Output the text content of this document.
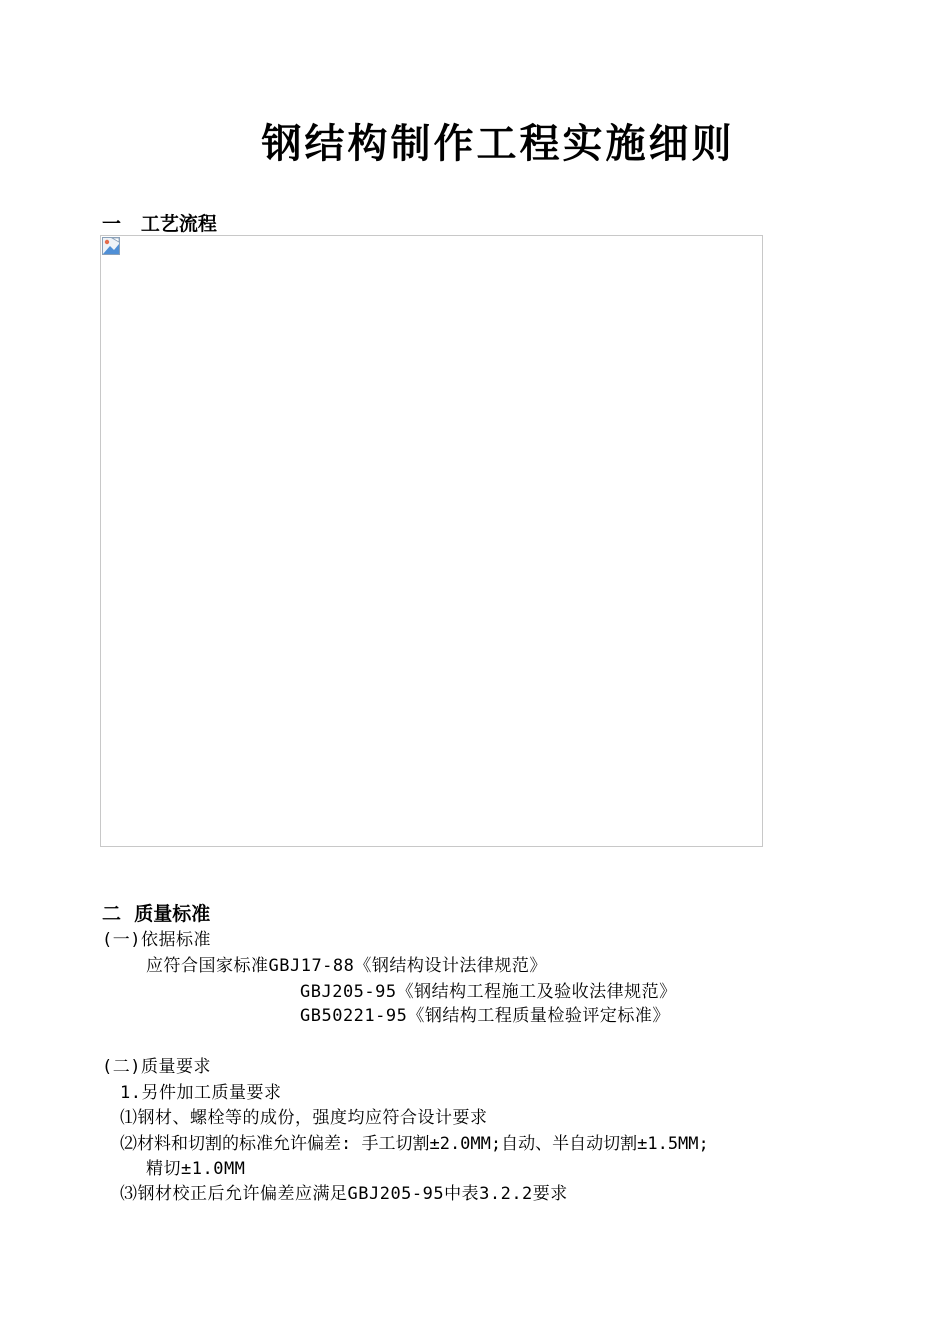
钢结构制作工程实施细则
一   工艺流程
二  质量标准
(一)依据标准
应符合国家标准GBJ17-88《钢结构设计法律规范》
GBJ205-95《钢结构工程施工及验收法律规范》
GB50221-95《钢结构工程质量检验评定标准》
(二)质量要求
1.另件加工质量要求
⑴钢材、螺栓等的成份，强度均应符合设计要求
⑵材料和切割的标准允许偏差: 手工切割±2.0MM;自动、半自动切割±1.5MM;
精切±1.0MM
⑶钢材校正后允许偏差应满足GBJ205-95中表3.2.2要求
